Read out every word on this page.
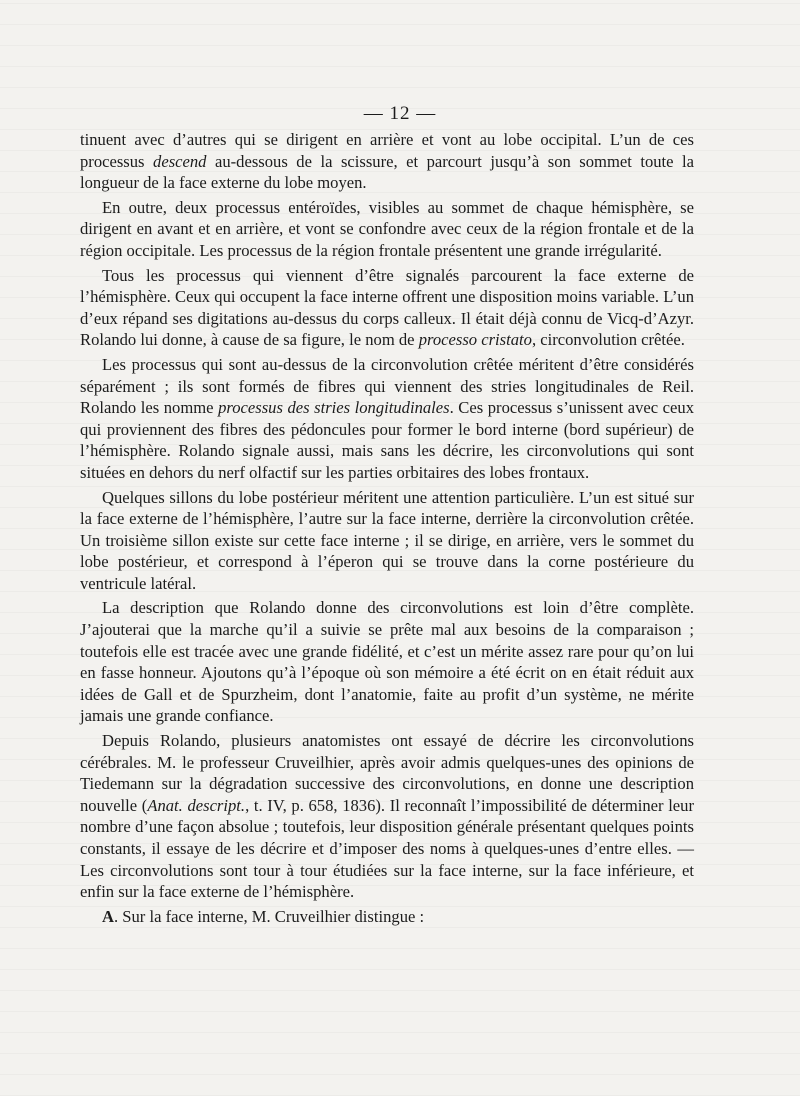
— 12 —

tinuent avec d’autres qui se dirigent en arrière et vont au lobe occipital. L’un de ces processus descend au-dessous de la scissure, et parcourt jusqu’à son sommet toute la longueur de la face externe du lobe moyen.

En outre, deux processus entéroïdes, visibles au sommet de chaque hémisphère, se dirigent en avant et en arrière, et vont se confondre avec ceux de la région frontale et de la région occipitale. Les processus de la région frontale présentent une grande irrégularité.

Tous les processus qui viennent d’être signalés parcourent la face externe de l’hémisphère. Ceux qui occupent la face interne offrent une disposition moins variable. L’un d’eux répand ses digitations au-dessus du corps calleux. Il était déjà connu de Vicq-d’Azyr. Rolando lui donne, à cause de sa figure, le nom de processo cristato, circonvolution crêtée.

Les processus qui sont au-dessus de la circonvolution crêtée méritent d’être considérés séparément ; ils sont formés de fibres qui viennent des stries longitudinales de Reil. Rolando les nomme processus des stries longitudinales. Ces processus s’unissent avec ceux qui proviennent des fibres des pédoncules pour former le bord interne (bord supérieur) de l’hémisphère. Rolando signale aussi, mais sans les décrire, les circonvolutions qui sont situées en dehors du nerf olfactif sur les parties orbitaires des lobes frontaux.

Quelques sillons du lobe postérieur méritent une attention particulière. L’un est situé sur la face externe de l’hémisphère, l’autre sur la face interne, derrière la circonvolution crêtée. Un troisième sillon existe sur cette face interne ; il se dirige, en arrière, vers le sommet du lobe postérieur, et correspond à l’éperon qui se trouve dans la corne postérieure du ventricule latéral.

La description que Rolando donne des circonvolutions est loin d’être complète. J’ajouterai que la marche qu’il a suivie se prête mal aux besoins de la comparaison ; toutefois elle est tracée avec une grande fidélité, et c’est un mérite assez rare pour qu’on lui en fasse honneur. Ajoutons qu’à l’époque où son mémoire a été écrit on en était réduit aux idées de Gall et de Spurzheim, dont l’anatomie, faite au profit d’un système, ne mérite jamais une grande confiance.

Depuis Rolando, plusieurs anatomistes ont essayé de décrire les circonvolutions cérébrales. M. le professeur Cruveilhier, après avoir admis quelques-unes des opinions de Tiedemann sur la dégradation successive des circonvolutions, en donne une description nouvelle (Anat. descript., t. IV, p. 658, 1836). Il reconnaît l’impossibilité de déterminer leur nombre d’une façon absolue ; toutefois, leur disposition générale présentant quelques points constants, il essaye de les décrire et d’imposer des noms à quelques-unes d’entre elles. — Les circonvolutions sont tour à tour étudiées sur la face interne, sur la face inférieure, et enfin sur la face externe de l’hémisphère.

A. Sur la face interne, M. Cruveilhier distingue :
